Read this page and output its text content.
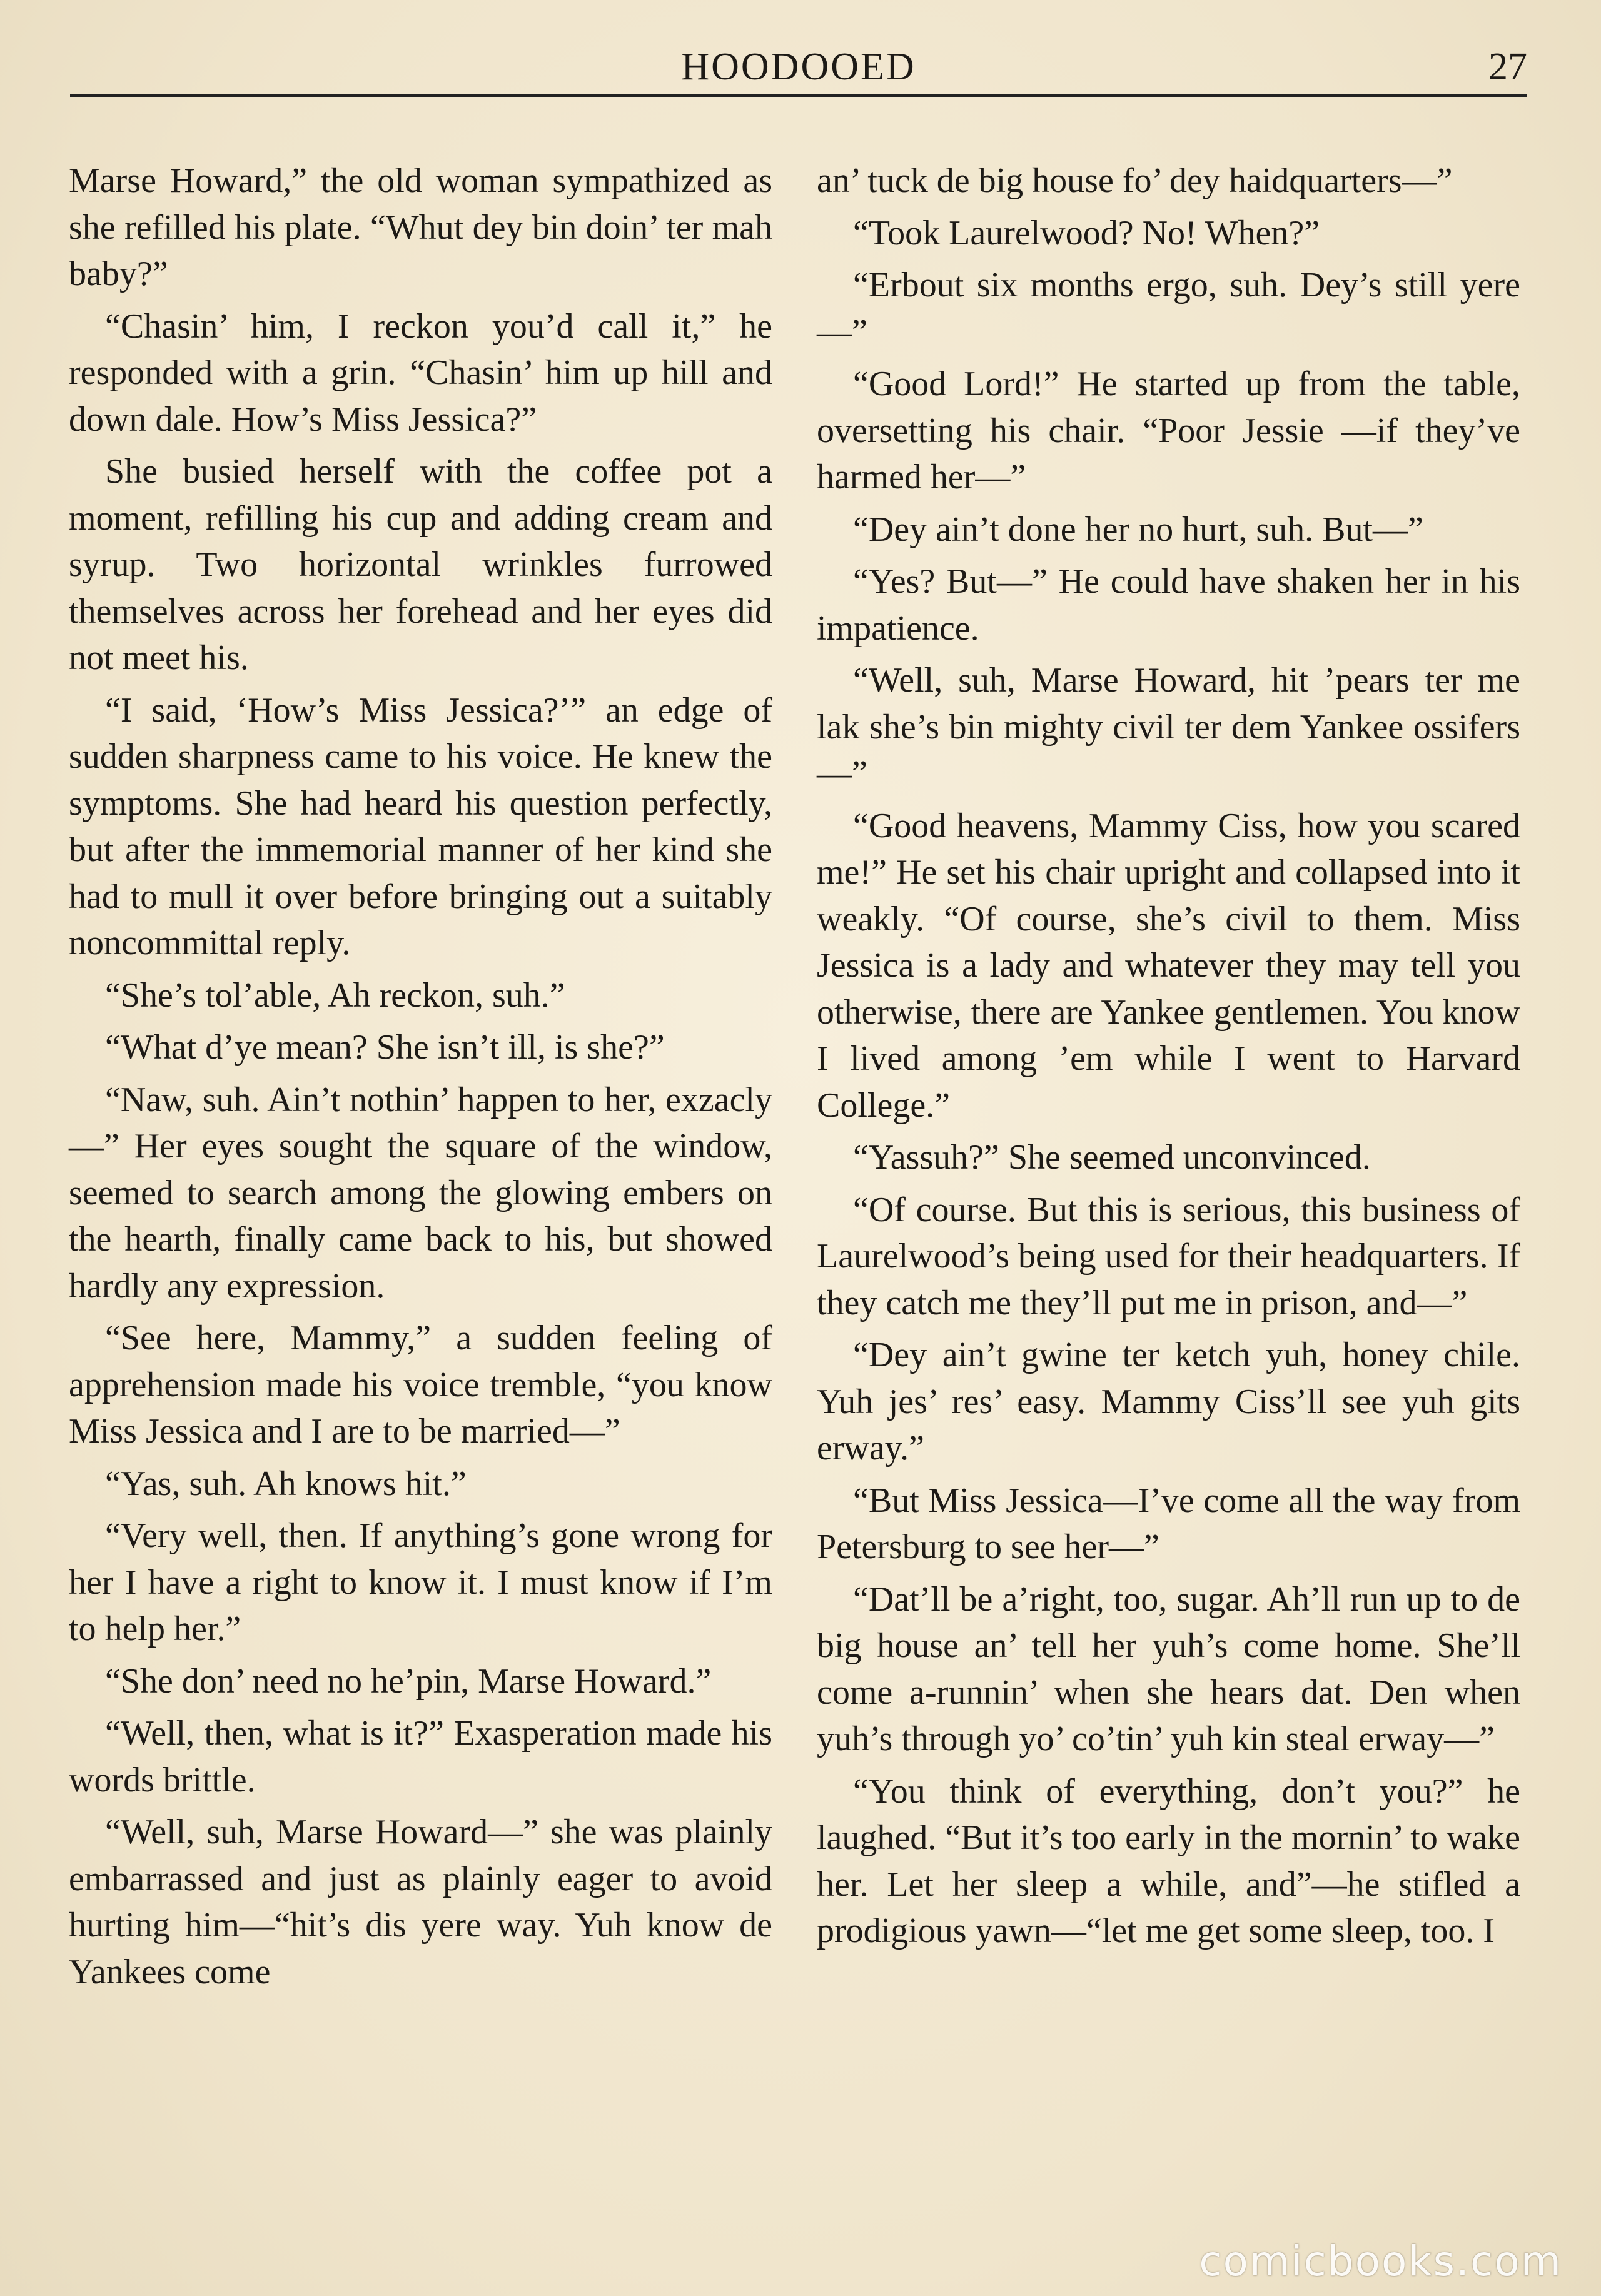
HOODOOED	27

Marse Howard,” the old woman sympathized as she refilled his plate. “Whut dey bin doin’ ter mah baby?”

“Chasin’ him, I reckon you’d call it,” he responded with a grin. “Chasin’ him up hill and down dale. How’s Miss Jessica?”

She busied herself with the coffee pot a moment, refilling his cup and adding cream and syrup. Two horizontal wrinkles furrowed themselves across her forehead and her eyes did not meet his.

“I said, ‘How’s Miss Jessica?’” an edge of sudden sharpness came to his voice. He knew the symptoms. She had heard his question perfectly, but after the immemorial manner of her kind she had to mull it over before bringing out a suitably noncommittal reply.

“She’s tol’able, Ah reckon, suh.”

“What d’ye mean? She isn’t ill, is she?”

“Naw, suh. Ain’t nothin’ happen to her, exzacly—” Her eyes sought the square of the window, seemed to search among the glowing embers on the hearth, finally came back to his, but showed hardly any expression.

“See here, Mammy,” a sudden feeling of apprehension made his voice tremble, “you know Miss Jessica and I are to be married—”

“Yas, suh. Ah knows hit.”

“Very well, then. If anything’s gone wrong for her I have a right to know it. I must know if I’m to help her.”

“She don’ need no he’pin, Marse Howard.”

“Well, then, what is it?” Exasperation made his words brittle.

“Well, suh, Marse Howard—” she was plainly embarrassed and just as plainly eager to avoid hurting him—“hit’s dis yere way. Yuh know de Yankees come

an’ tuck de big house fo’ dey haidquarters—”

“Took Laurelwood? No! When?”

“Erbout six months ergo, suh. Dey’s still yere—”

“Good Lord!” He started up from the table, oversetting his chair. “Poor Jessie —if they’ve harmed her—”

“Dey ain’t done her no hurt, suh. But—”

“Yes? But—” He could have shaken her in his impatience.

“Well, suh, Marse Howard, hit ’pears ter me lak she’s bin mighty civil ter dem Yankee ossifers—”

“Good heavens, Mammy Ciss, how you scared me!” He set his chair upright and collapsed into it weakly. “Of course, she’s civil to them. Miss Jessica is a lady and whatever they may tell you otherwise, there are Yankee gentlemen. You know I lived among ’em while I went to Harvard College.”

“Yassuh?” She seemed unconvinced.

“Of course. But this is serious, this business of Laurelwood’s being used for their headquarters. If they catch me they’ll put me in prison, and—”

“Dey ain’t gwine ter ketch yuh, honey chile. Yuh jes’ res’ easy. Mammy Ciss’ll see yuh gits erway.”

“But Miss Jessica—I’ve come all the way from Petersburg to see her—”

“Dat’ll be a’right, too, sugar. Ah’ll run up to de big house an’ tell her yuh’s come home. She’ll come a-runnin’ when she hears dat. Den when yuh’s through yo’ co’tin’ yuh kin steal erway—”

“You think of everything, don’t you?” he laughed. “But it’s too early in the mornin’ to wake her. Let her sleep a while, and”—he stifled a prodigious yawn—“let me get some sleep, too. I

comicbooks.com
